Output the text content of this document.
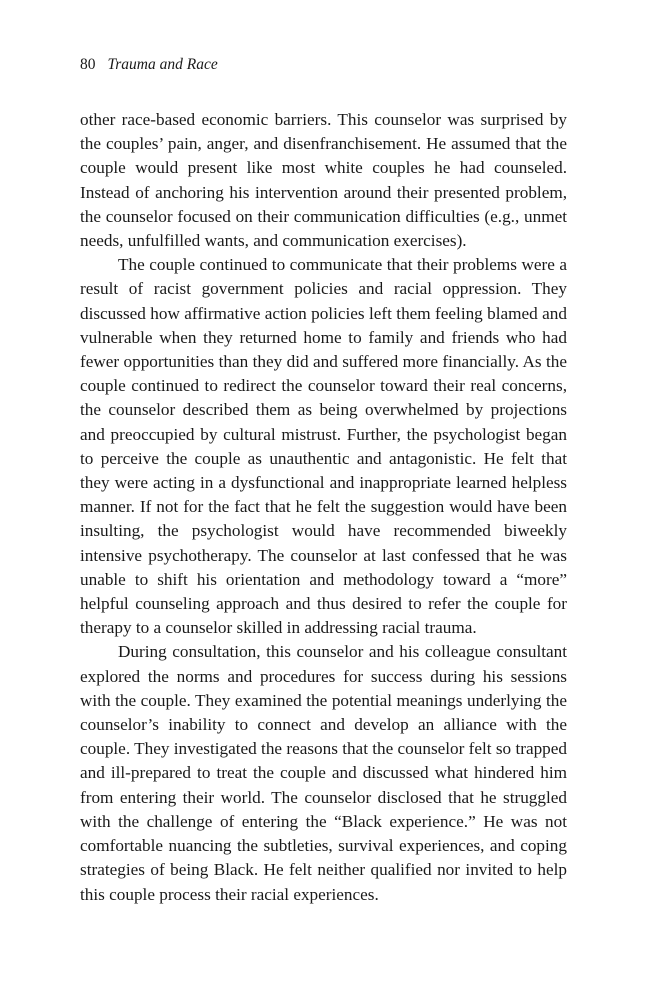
80 Trauma and Race

other race-based economic barriers. This counselor was surprised by the couples’ pain, anger, and disenfranchisement. He assumed that the couple would present like most white couples he had counseled. Instead of anchoring his intervention around their presented problem, the counselor focused on their communication difficulties (e.g., unmet needs, unfulfilled wants, and communication exercises).

The couple continued to communicate that their problems were a result of racist government policies and racial oppression. They discussed how affirmative action policies left them feeling blamed and vulnerable when they returned home to family and friends who had fewer opportunities than they did and suffered more financially. As the couple continued to redirect the counselor toward their real concerns, the counselor described them as being overwhelmed by projections and preoccupied by cultural mistrust. Further, the psychologist began to perceive the couple as unauthentic and antagonistic. He felt that they were acting in a dysfunctional and inappropriate learned helpless manner. If not for the fact that he felt the suggestion would have been insulting, the psychologist would have recommended biweekly intensive psychotherapy. The counselor at last confessed that he was unable to shift his orientation and methodology toward a “more” helpful counseling approach and thus desired to refer the couple for therapy to a counselor skilled in addressing racial trauma.

During consultation, this counselor and his colleague consultant explored the norms and procedures for success during his sessions with the couple. They examined the potential meanings underlying the counselor’s inability to connect and develop an alliance with the couple. They investigated the reasons that the counselor felt so trapped and ill-prepared to treat the couple and discussed what hindered him from entering their world. The counselor disclosed that he struggled with the challenge of entering the “Black experience.” He was not comfortable nuancing the subtleties, survival experiences, and coping strategies of being Black. He felt neither qualified nor invited to help this couple process their racial experiences.
